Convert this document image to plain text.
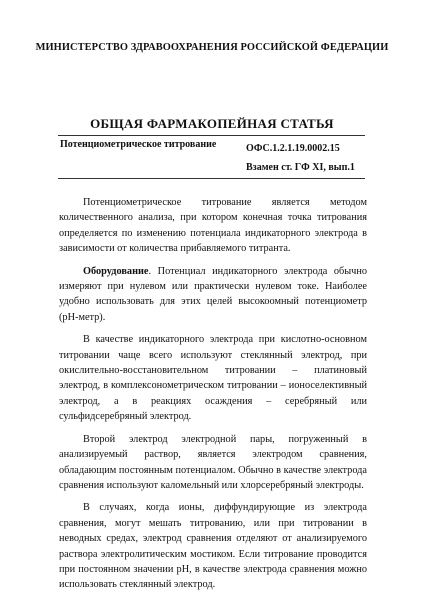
МИНИСТЕРСТВО ЗДРАВООХРАНЕНИЯ РОССИЙСКОЙ ФЕДЕРАЦИИ
ОБЩАЯ ФАРМАКОПЕЙНАЯ СТАТЬЯ
Потенциометрическое титрование	ОФС.1.2.1.19.0002.15
Взамен ст. ГФ XI, вып.1

Потенциометрическое титрование является методом количественного анализа, при котором конечная точка титрования определяется по изменению потенциала индикаторного электрода в зависимости от количества прибавляемого титранта.

Оборудование. Потенциал индикаторного электрода обычно измеряют при нулевом или практически нулевом токе. Наиболее удобно использовать для этих целей высокоомный потенциометр (рН-метр).

В качестве индикаторного электрода при кислотно-основном титровании чаще всего используют стеклянный электрод, при окислительно-восстановительном титровании – платиновый электрод, в комплексонометрическом титровании – ионоселективный электрод, а в реакциях осаждения – серебряный или сульфидсеребряный электрод.

Второй электрод электродной пары, погруженный в анализируемый раствор, является электродом сравнения, обладающим постоянным потенциалом. Обычно в качестве электрода сравнения используют каломельный или хлорсеребряный электроды.

В случаях, когда ионы, диффундирующие из электрода сравнения, могут мешать титрованию, или при титровании в неводных средах, электрод сравнения отделяют от анализируемого раствора электролитическим мостиком. Если титрование проводится при постоянном значении рН, в качестве электрода сравнения можно использовать стеклянный электрод.
